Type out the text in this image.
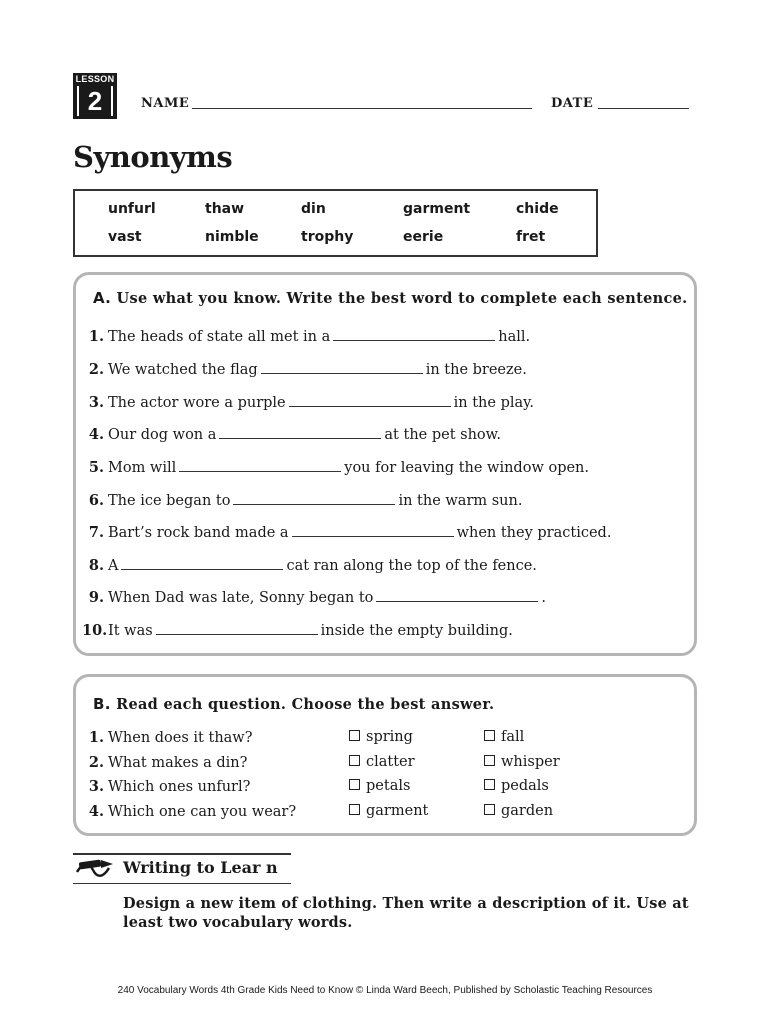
LESSON
2	NAME	DATE
Synonyms
unfurl	thaw	din	garment	chide
vast	nimble	trophy	eerie	fret
A. Use what you know. Write the best word to complete each sentence.
1. The heads of state all met in a	hall.
2. We watched the flag	in the breeze.
3. The actor wore a purple	in the play.
4. Our dog won a	at the pet show.
5. Mom will	you for leaving the window open.
6. The ice began to	in the warm sun.
7. Bart’s rock band made a	when they practiced.
8. A	cat ran along the top of the fence.
9. When Dad was late, Sonny began to	.
10.It was	inside the empty building.
B. Read each question. Choose the best answer.
1. When does it thaw?	spring	fall
2. What makes a din?	clatter	whisper
3. Which ones unfurl?	petals	pedals
4. Which one can you wear?	garment	garden
Writing to Lear n
Design a new item of clothing. Then write a description of it. Use at least two vocabulary words.
240 Vocabulary Words 4th Grade Kids Need to Know © Linda Ward Beech, Published by Scholastic Teaching Resources
